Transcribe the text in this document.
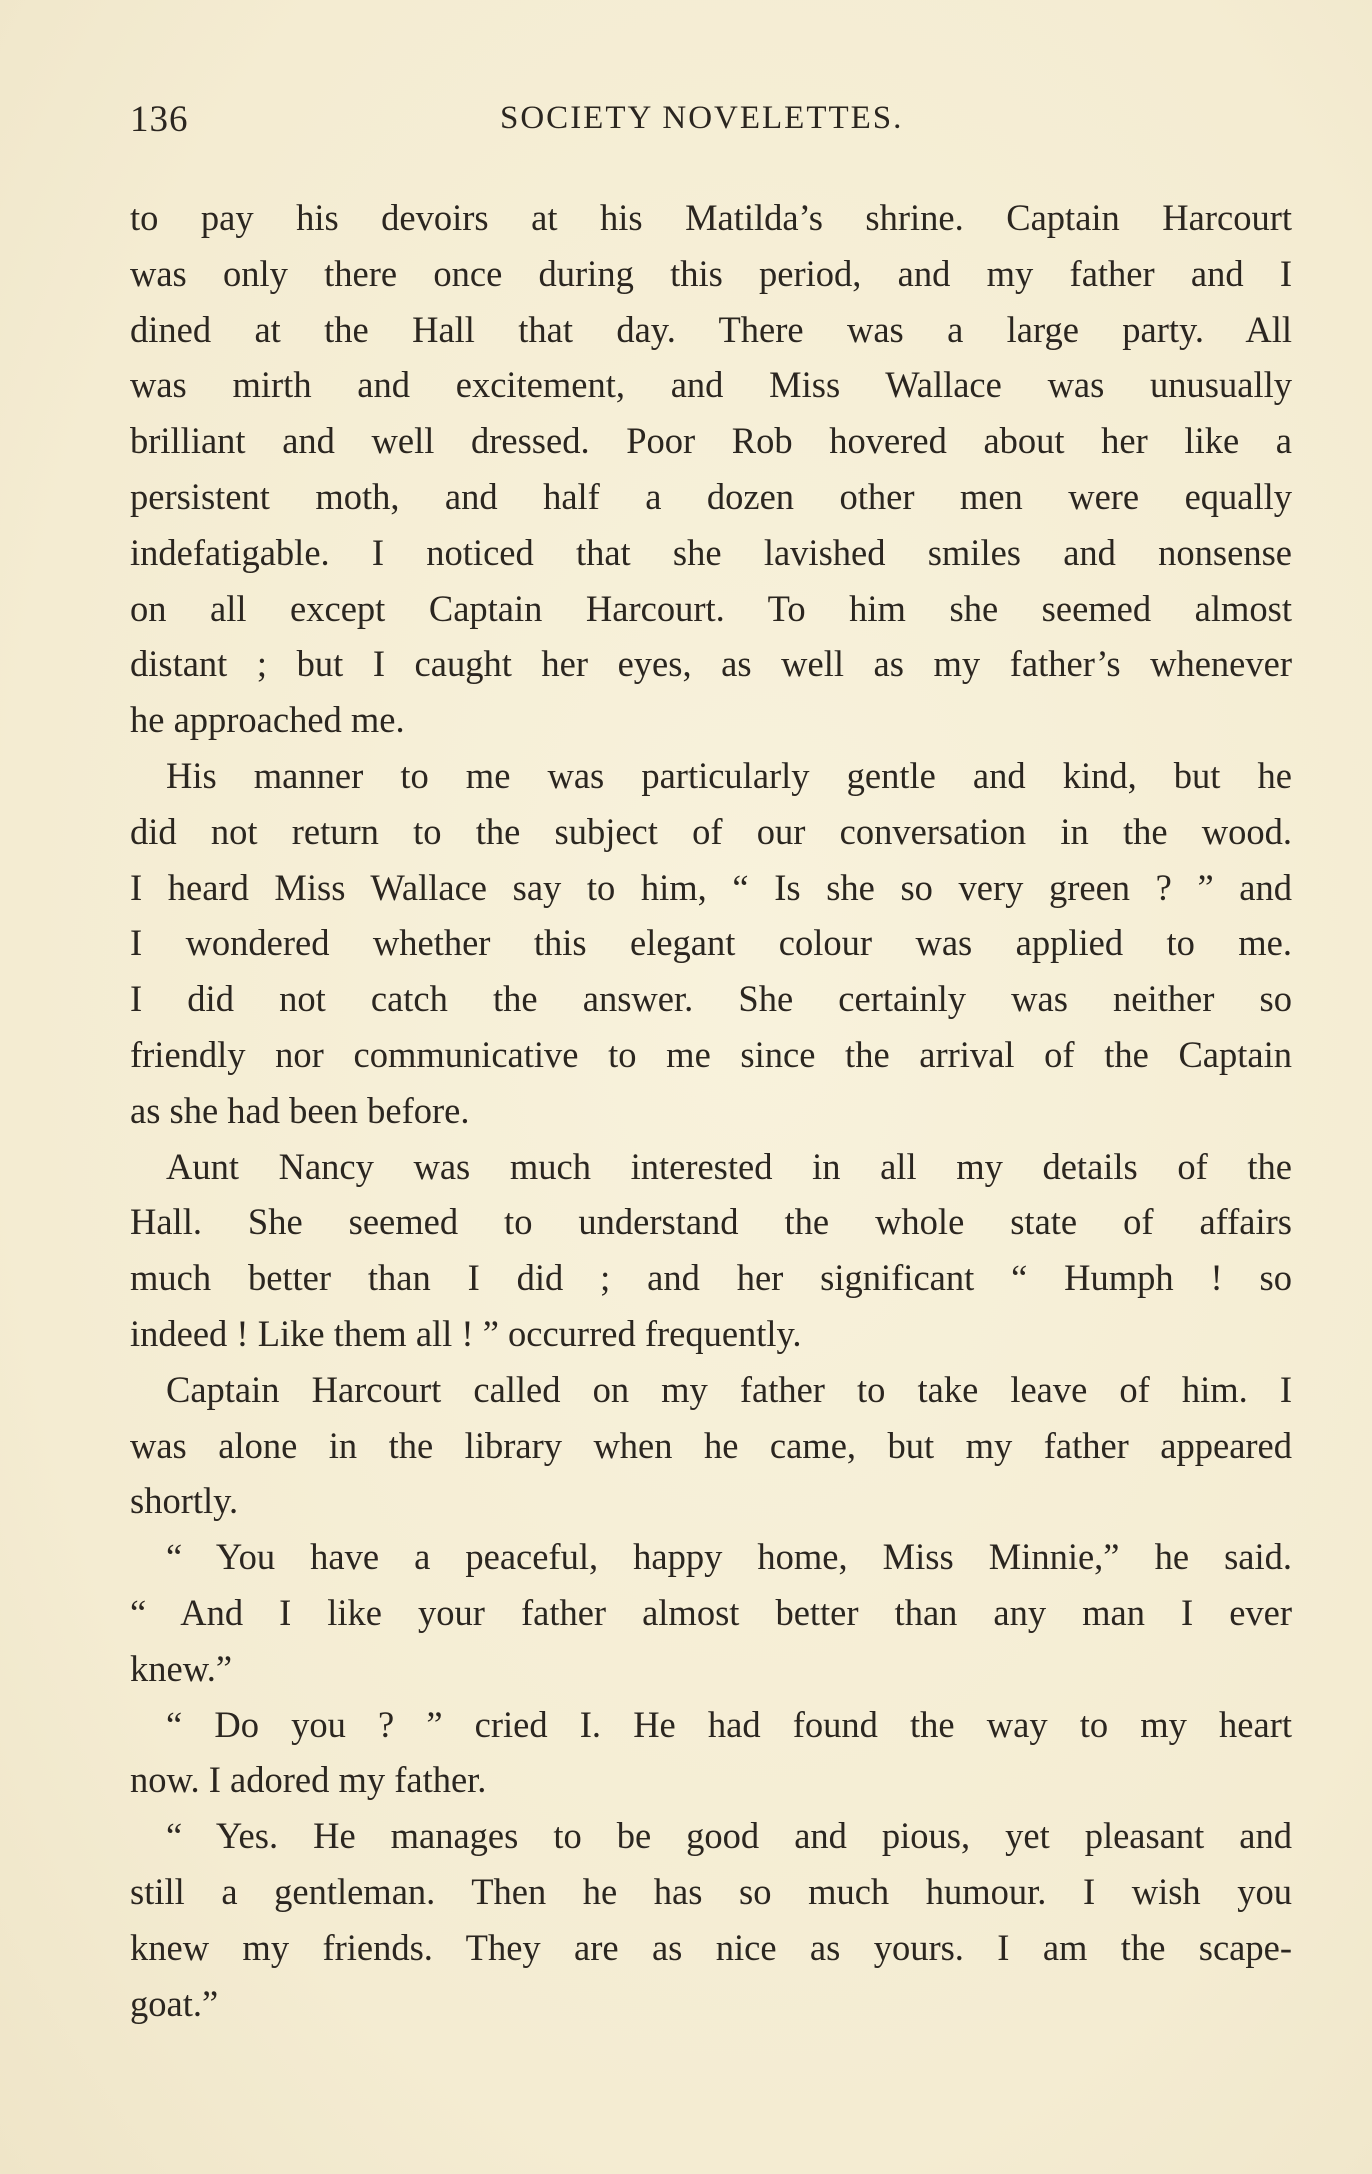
136	SOCIETY NOVELETTES.
to pay his devoirs at his Matilda’s shrine. Captain Harcourt
was only there once during this period, and my father and I
dined at the Hall that day. There was a large party. All
was mirth and excitement, and Miss Wallace was unusually
brilliant and well dressed. Poor Rob hovered about her like a
persistent moth, and half a dozen other men were equally
indefatigable. I noticed that she lavished smiles and nonsense
on all except Captain Harcourt. To him she seemed almost
distant ; but I caught her eyes, as well as my father’s whenever
he approached me.
His manner to me was particularly gentle and kind, but he
did not return to the subject of our conversation in the wood.
I heard Miss Wallace say to him, “ Is she so very green ? ” and
I wondered whether this elegant colour was applied to me.
I did not catch the answer. She certainly was neither so
friendly nor communicative to me since the arrival of the Captain
as she had been before.
Aunt Nancy was much interested in all my details of the
Hall. She seemed to understand the whole state of affairs
much better than I did ; and her significant “ Humph ! so
indeed ! Like them all ! ” occurred frequently.
Captain Harcourt called on my father to take leave of him. I
was alone in the library when he came, but my father appeared
shortly.
“ You have a peaceful, happy home, Miss Minnie,” he said.
“ And I like your father almost better than any man I ever
knew.”
“ Do you ? ” cried I. He had found the way to my heart
now. I adored my father.
“ Yes. He manages to be good and pious, yet pleasant and
still a gentleman. Then he has so much humour. I wish you
knew my friends. They are as nice as yours. I am the scape-
goat.”
